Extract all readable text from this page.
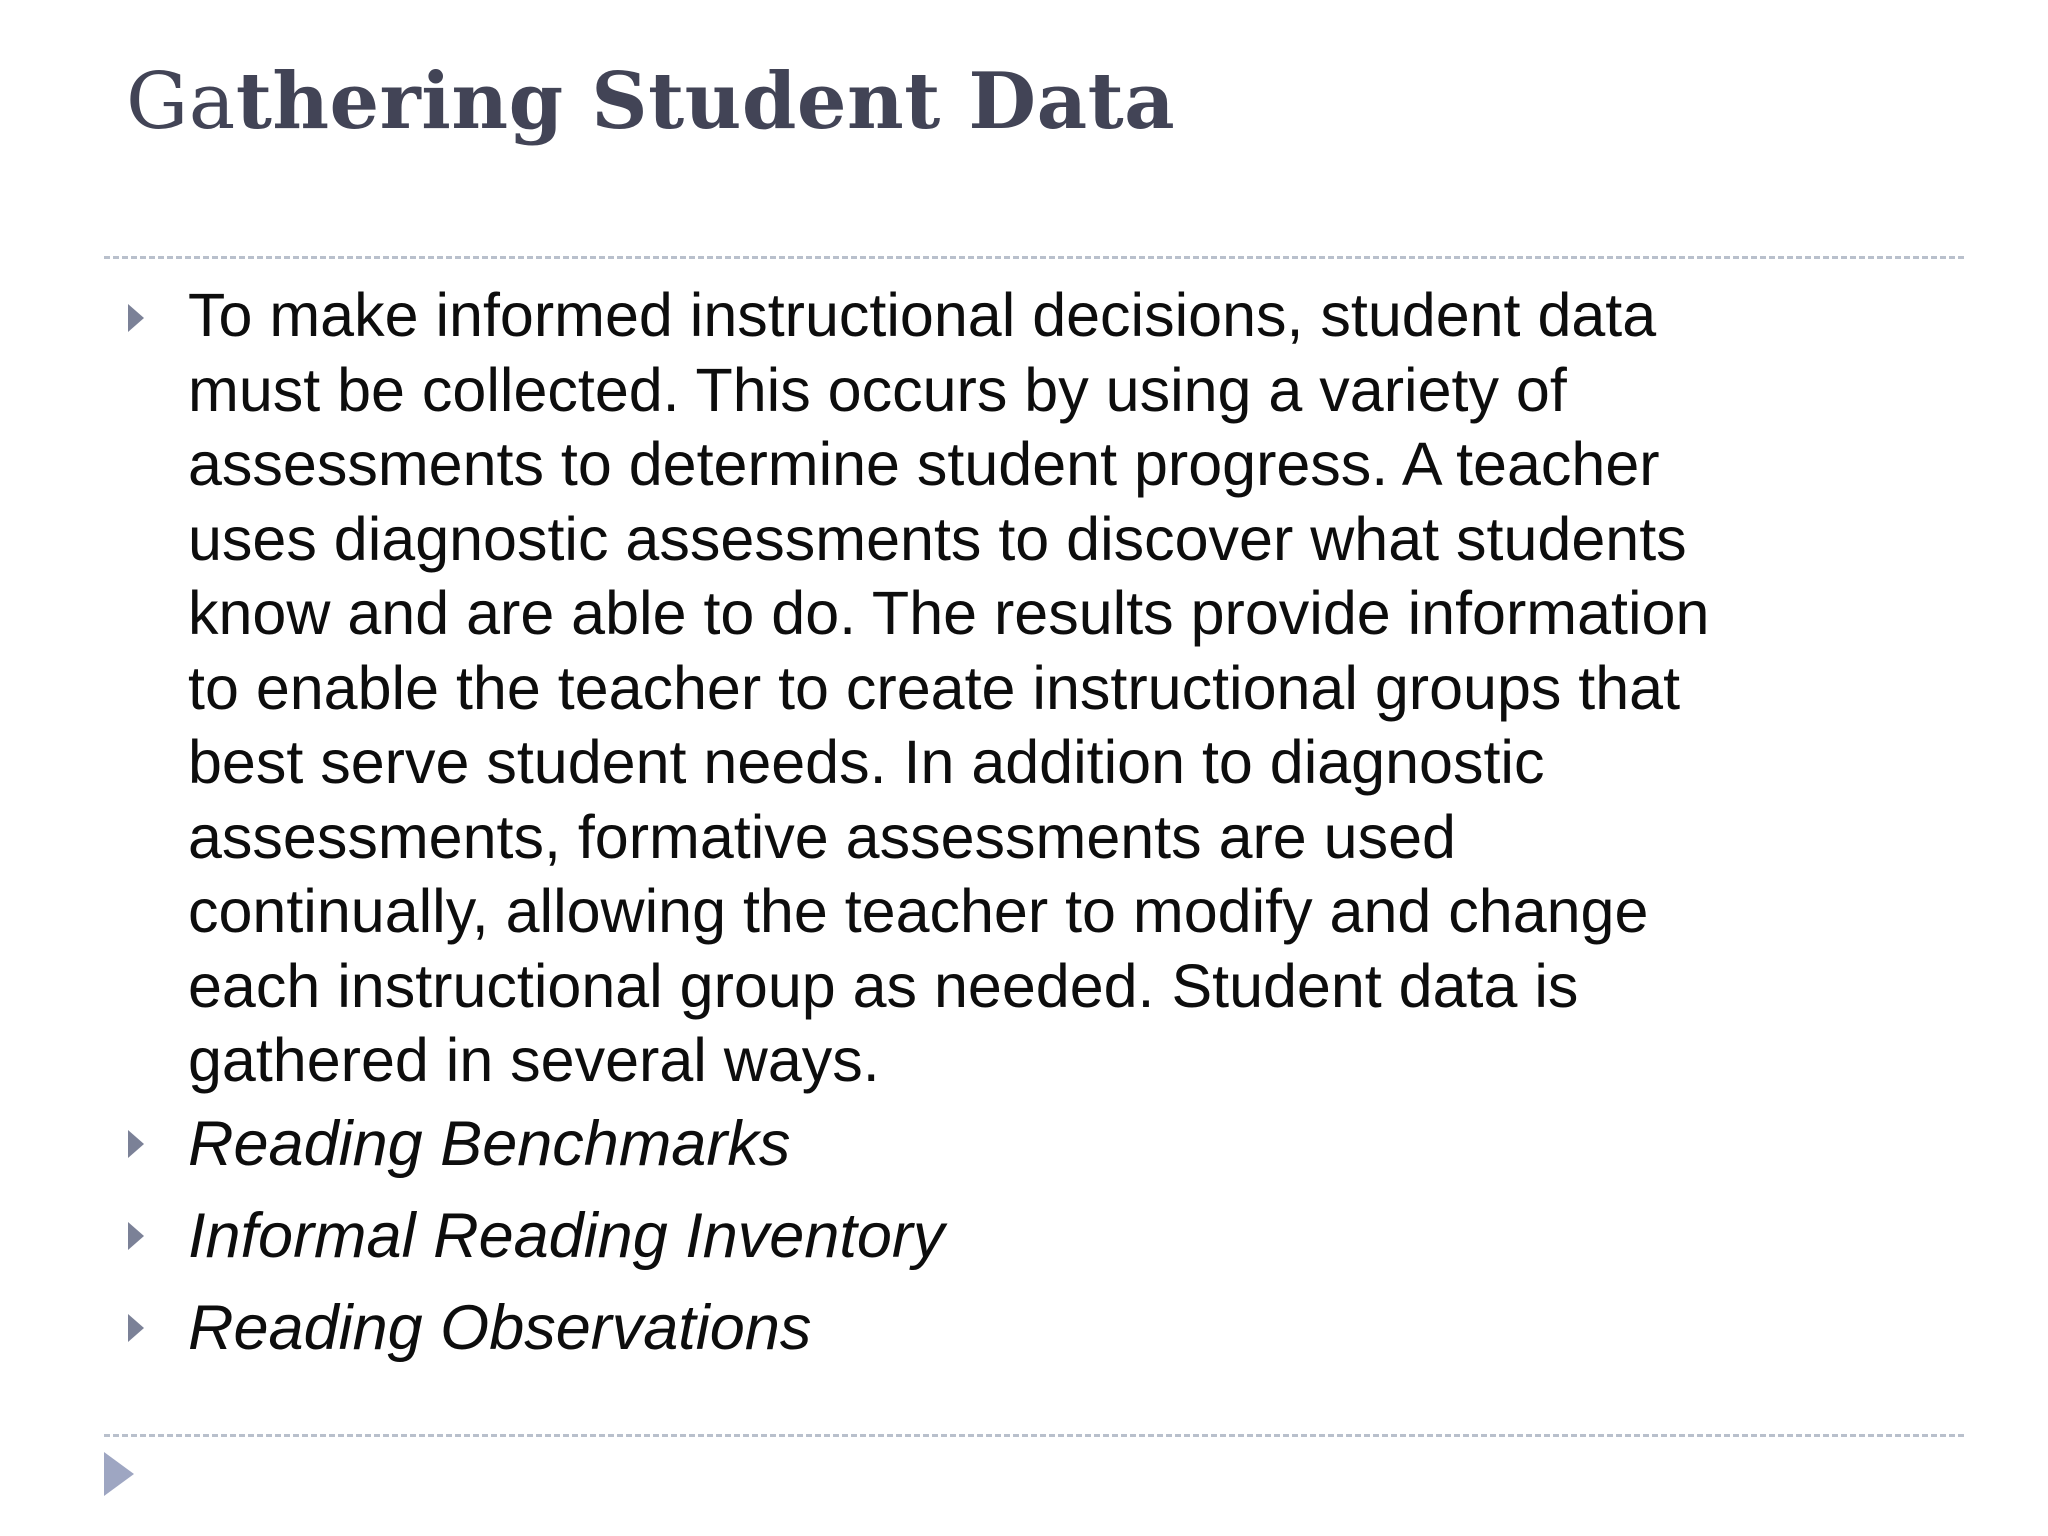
Gathering Student Data
To make informed instructional decisions, student data
must be collected. This occurs by using a variety of
assessments to determine student progress. A teacher
uses diagnostic assessments to discover what students
know and are able to do. The results provide information
to enable the teacher to create instructional groups that
best serve student needs. In addition to diagnostic
assessments, formative assessments are used
continually, allowing the teacher to modify and change
each instructional group as needed. Student data is
gathered in several ways.
Reading Benchmarks
Informal Reading Inventory
Reading Observations
